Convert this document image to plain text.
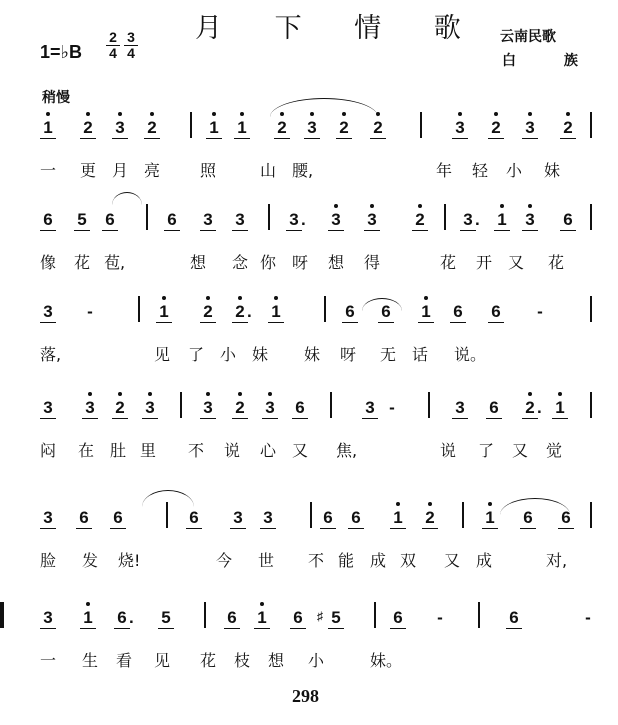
月 下 情 歌 云南民歌
白 族
1=♭B $\frac{2}{4} \frac{3}{4}$
稍慢
1	2	3	2	1	1	2	3	2	2	3	2	3	2
一 更 月 亮 照	山 腰,	年 轻 小 妹
6	5	6	6	3	3	3 .	3	3	2	3 .	1	3	6
像 花 苞,	想 念 你 呀 想 得	花 开 又 花
3	-	1	2	2 .	1	6	6	1	6	6	-
落,	见 了 小 妹 妹 呀 无 话 说。
3	3	2	3	3	2	3	6	3 -	3	6	2 . 1
闷 在 肚 里 不 说 心 又 焦,	说 了 又 觉
3	6	6	6	3	3	6	6	1	2	1	6	6
脸 发 烧!	今 世 不 能 成 双 又 成	对,
3	1	6 .	5	6	1	6	5
♯	6	-	6	-
一 生 看 见 花 枝 想 小	妹。
298
